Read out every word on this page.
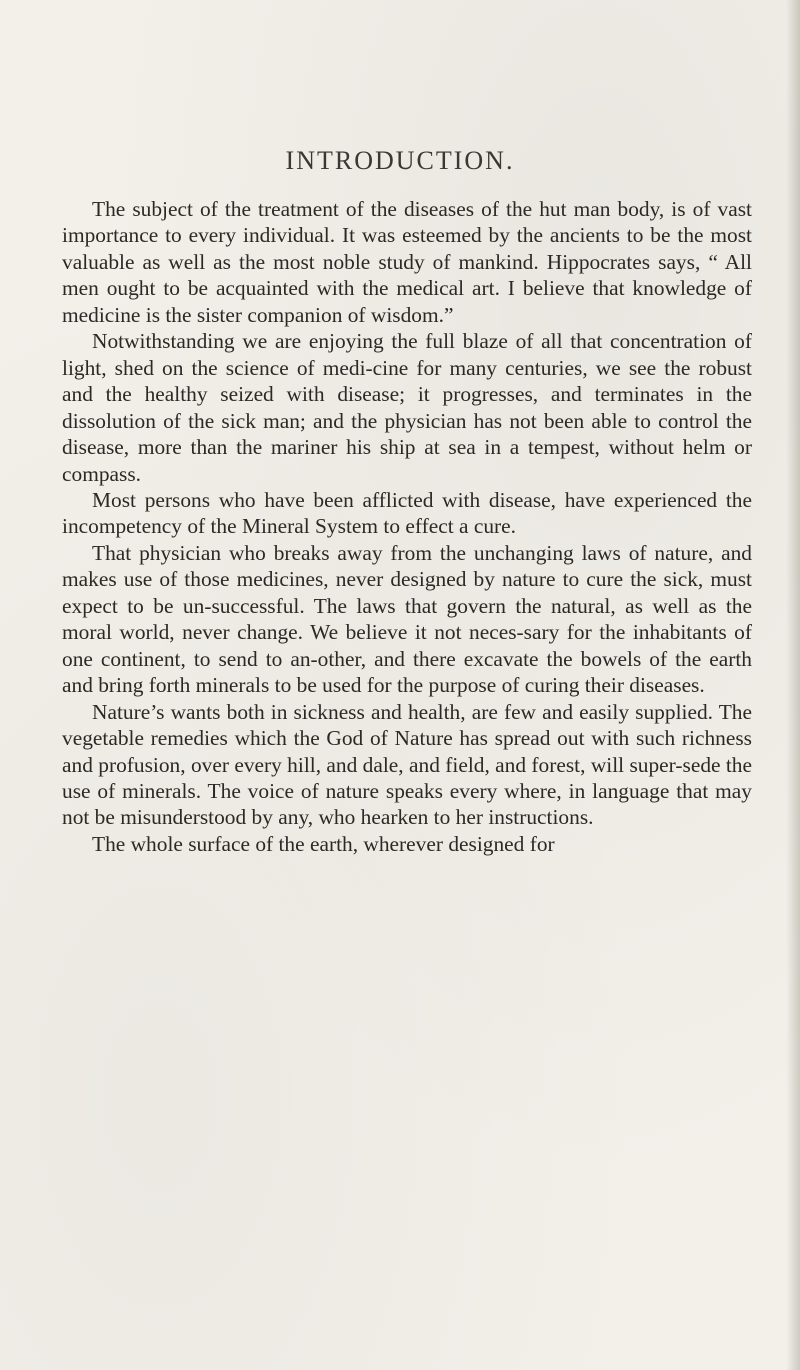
INTRODUCTION.

The subject of the treatment of the diseases of the hut man body, is of vast importance to every individual. It was esteemed by the ancients to be the most valuable as well as the most noble study of mankind. Hippocrates says, “ All men ought to be acquainted with the medical art. I believe that knowledge of medicine is the sister companion of wisdom.”

Notwithstanding we are enjoying the full blaze of all that concentration of light, shed on the science of medi-cine for many centuries, we see the robust and the healthy seized with disease; it progresses, and terminates in the dissolution of the sick man; and the physician has not been able to control the disease, more than the mariner his ship at sea in a tempest, without helm or compass.

Most persons who have been afflicted with disease, have experienced the incompetency of the Mineral System to effect a cure.

That physician who breaks away from the unchanging laws of nature, and makes use of those medicines, never designed by nature to cure the sick, must expect to be un-successful. The laws that govern the natural, as well as the moral world, never change. We believe it not neces-sary for the inhabitants of one continent, to send to an-other, and there excavate the bowels of the earth and bring forth minerals to be used for the purpose of curing their diseases.

Nature’s wants both in sickness and health, are few and easily supplied. The vegetable remedies which the God of Nature has spread out with such richness and profusion, over every hill, and dale, and field, and forest, will super-sede the use of minerals. The voice of nature speaks every where, in language that may not be misunderstood by any, who hearken to her instructions.

The whole surface of the earth, wherever designed for
